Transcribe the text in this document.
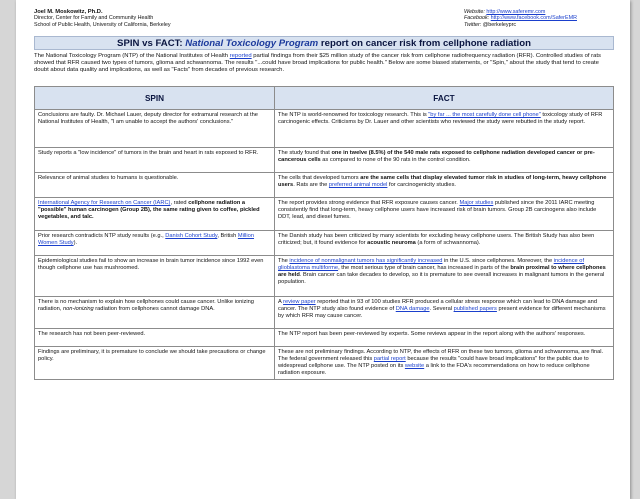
Joel M. Moskowitz, Ph.D.
Director, Center for Family and Community Health
School of Public Health, University of California, Berkeley
Website: http://www.saferemr.com
Facebook: http://www.facebook.com/SaferEMR
Twitter: @berkeleyprc
SPIN vs FACT: National Toxicology Program report on cancer risk from cellphone radiation
The National Toxicology Program (NTP) of the National Institutes of Health reported partial findings from their $25 million study of the cancer risk from cellphone radiofrequency radiation (RFR). Controlled studies of rats showed that RFR caused two types of tumors, glioma and schwannoma. The results "...could have broad implications for public health." Below are some biased statements, or "Spin," about the study that tend to create doubt about data quality and implications, as well as "Facts" from decades of previous research.
SPIN	FACT
Conclusions are faulty. Dr. Michael Lauer, deputy director for extramural research at the National Institutes of Health, "I am unable to accept the authors' conclusions."	The NTP is world-renowned for toxicology research. This is "by far ... the most carefully done cell phone" toxicology study of RFR carcinogenic effects. Criticisms by Dr. Lauer and other scientists who reviewed the study were rebutted in the study report.
Study reports a "low incidence" of tumors in the brain and heart in rats exposed to RFR.	The study found that one in twelve (8.5%) of the 540 male rats exposed to cellphone radiation developed cancer or pre-cancerous cells as compared to none of the 90 rats in the control condition.
Relevance of animal studies to humans is questionable.	The cells that developed tumors are the same cells that display elevated tumor risk in studies of long-term, heavy cellphone users. Rats are the preferred animal model for carcinogenicity studies.
International Agency for Research on Cancer (IARC), rated cellphone radiation a "possible" human carcinogen (Group 2B), the same rating given to coffee, pickled vegetables, and talc.	The report provides strong evidence that RFR exposure causes cancer. Major studies published since the 2011 IARC meeting consistently find that long-term, heavy cellphone users have increased risk of brain tumors. Group 2B carcinogens also include DDT, lead, and diesel fumes.
Prior research contradicts NTP study results (e.g., Danish Cohort Study, British Million Women Study).	The Danish study has been criticized by many scientists for excluding heavy cellphone users. The British Study has also been criticized; but, it found evidence for acoustic neuroma (a form of schwannoma).
Epidemiological studies fail to show an increase in brain tumor incidence since 1992 even though cellphone use has mushroomed.	The incidence of nonmalignant tumors has significantly increased in the U.S. since cellphones. Moreover, the incidence of glioblastoma multiforme, the most serious type of brain cancer, has increased in parts of the brain proximal to where cellphones are held. Brain cancer can take decades to develop, so it is premature to see overall increases in malignant tumors in the general population.
There is no mechanism to explain how cellphones could cause cancer. Unlike ionizing radiation, non-ionizing radiation from cellphones cannot damage DNA.	A review paper reported that in 93 of 100 studies RFR produced a cellular stress response which can lead to DNA damage and cancer. The NTP study also found evidence of DNA damage. Several published papers present evidence for different mechanisms by which RFR may cause cancer.
The research has not been peer-reviewed.	The NTP report has been peer-reviewed by experts. Some reviews appear in the report along with the authors' responses.
Findings are preliminary, it is premature to conclude we should take precautions or change policy.	These are not preliminary findings. According to NTP, the effects of RFR on these two tumors, glioma and schwannoma, are final. The federal government released this partial report because the results "could have broad implications" for the public due to widespread cellphone use. The NTP posted on its website a link to the FDA's recommendations on how to reduce cellphone radiation exposure.
